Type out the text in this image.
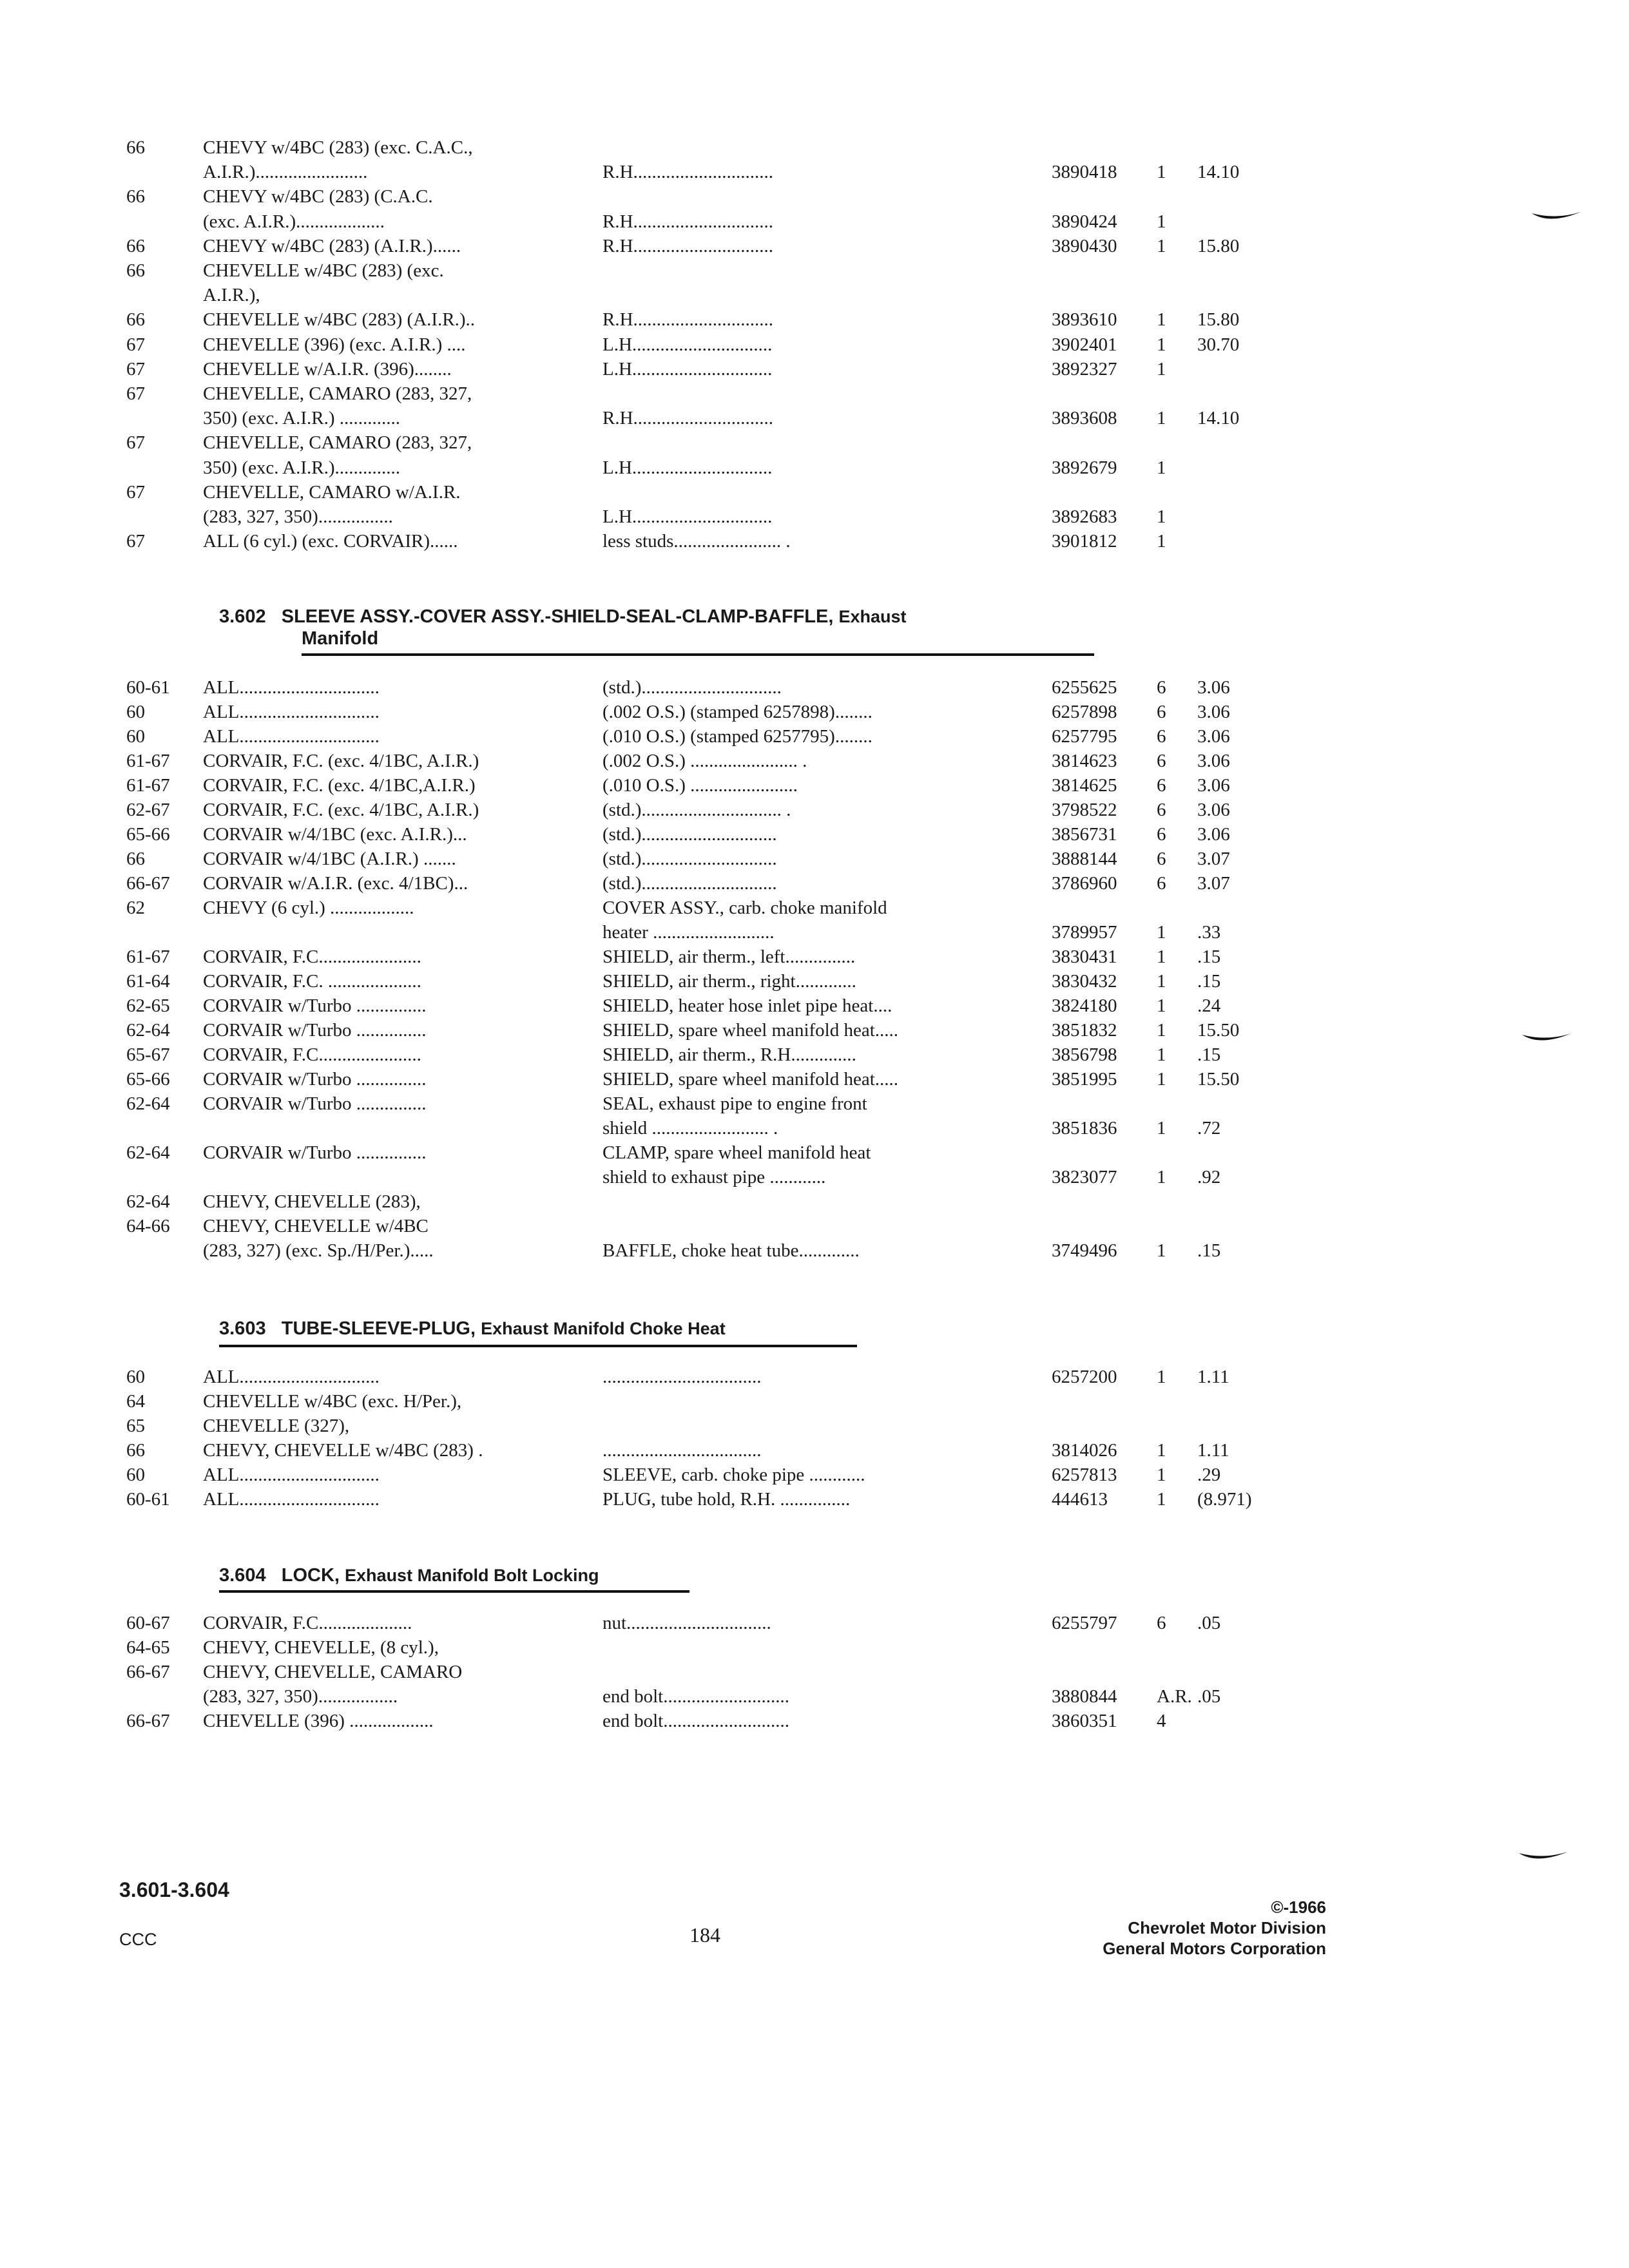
66	CHEVY w/4BC (283) (exc. C.A.C.,
A.I.R.)........................	R.H..............................	3890418 1 14.10
66	CHEVY w/4BC (283) (C.A.C.
(exc. A.I.R.)...................	R.H..............................	3890424 1
66	CHEVY w/4BC (283) (A.I.R.)......	R.H..............................	3890430 1 15.80
66	CHEVELLE w/4BC (283) (exc.
A.I.R.),
66	CHEVELLE w/4BC (283) (A.I.R.)..	R.H..............................	3893610 1 15.80
67	CHEVELLE (396) (exc. A.I.R.) ....	L.H..............................	3902401 1 30.70
67	CHEVELLE w/A.I.R. (396)........	L.H..............................	3892327 1
67	CHEVELLE, CAMARO (283, 327,
350) (exc. A.I.R.) .............	R.H..............................	3893608 1 14.10
67	CHEVELLE, CAMARO (283, 327,
350) (exc. A.I.R.)..............	L.H..............................	3892679 1
67	CHEVELLE, CAMARO w/A.I.R.
(283, 327, 350)................	L.H..............................	3892683 1
67	ALL (6 cyl.) (exc. CORVAIR)......	less studs....................... .	3901812 1
3.602 SLEEVE ASSY.-COVER ASSY.-SHIELD-SEAL-CLAMP-BAFFLE, Exhaust
Manifold
60-61 ALL..............................	(std.)..............................	6255625 6 3.06
60	ALL..............................	(.002 O.S.) (stamped 6257898)........	6257898 6 3.06
60	ALL..............................	(.010 O.S.) (stamped 6257795)........	6257795 6 3.06
61-67 CORVAIR, F.C. (exc. 4/1BC, A.I.R.)	(.002 O.S.) ....................... .	3814623 6 3.06
61-67 CORVAIR, F.C. (exc. 4/1BC,A.I.R.)	(.010 O.S.) .......................	3814625 6 3.06
62-67 CORVAIR, F.C. (exc. 4/1BC, A.I.R.)	(std.).............................. .	3798522 6 3.06
65-66 CORVAIR w/4/1BC (exc. A.I.R.)...	(std.).............................	3856731 6 3.06
66	CORVAIR w/4/1BC (A.I.R.) .......	(std.).............................	3888144 6 3.07
66-67 CORVAIR w/A.I.R. (exc. 4/1BC)...	(std.).............................	3786960 6 3.07
62	CHEVY (6 cyl.) ..................	COVER ASSY., carb. choke manifold
heater ..........................	3789957 1 .33
61-67 CORVAIR, F.C......................	SHIELD, air therm., left...............	3830431 1 .15
61-64 CORVAIR, F.C. ....................	SHIELD, air therm., right.............	3830432 1 .15
62-65 CORVAIR w/Turbo ...............	SHIELD, heater hose inlet pipe heat....	3824180 1 .24
62-64 CORVAIR w/Turbo ...............	SHIELD, spare wheel manifold heat.....	3851832 1 15.50
65-67 CORVAIR, F.C......................	SHIELD, air therm., R.H..............	3856798 1 .15
65-66 CORVAIR w/Turbo ...............	SHIELD, spare wheel manifold heat.....	3851995 1 15.50
62-64 CORVAIR w/Turbo ...............	SEAL, exhaust pipe to engine front
shield ......................... .	3851836 1 .72
62-64 CORVAIR w/Turbo ...............	CLAMP, spare wheel manifold heat
shield to exhaust pipe ............	3823077 1 .92
62-64 CHEVY, CHEVELLE (283),
64-66 CHEVY, CHEVELLE w/4BC
(283, 327) (exc. Sp./H/Per.).....	BAFFLE, choke heat tube.............	3749496 1 .15
3.603 TUBE-SLEEVE-PLUG, Exhaust Manifold Choke Heat
60	ALL..............................	..................................	6257200 1 1.11
64	CHEVELLE w/4BC (exc. H/Per.),
65	CHEVELLE (327),
66	CHEVY, CHEVELLE w/4BC (283) .	..................................	3814026 1 1.11
60	ALL..............................	SLEEVE, carb. choke pipe ............	6257813 1 .29
60-61 ALL..............................	PLUG, tube hold, R.H. ...............	444613	1 (8.971)
3.604 LOCK, Exhaust Manifold Bolt Locking
60-67 CORVAIR, F.C....................	nut...............................	6255797 6 .05
64-65 CHEVY, CHEVELLE, (8 cyl.),
66-67 CHEVY, CHEVELLE, CAMARO
(283, 327, 350).................	end bolt...........................	3880844 A.R. .05
66-67 CHEVELLE (396) ..................	end bolt...........................	3860351 4
3.601-3.604
CCC	184
©-1966
Chevrolet Motor Division
General Motors Corporation
